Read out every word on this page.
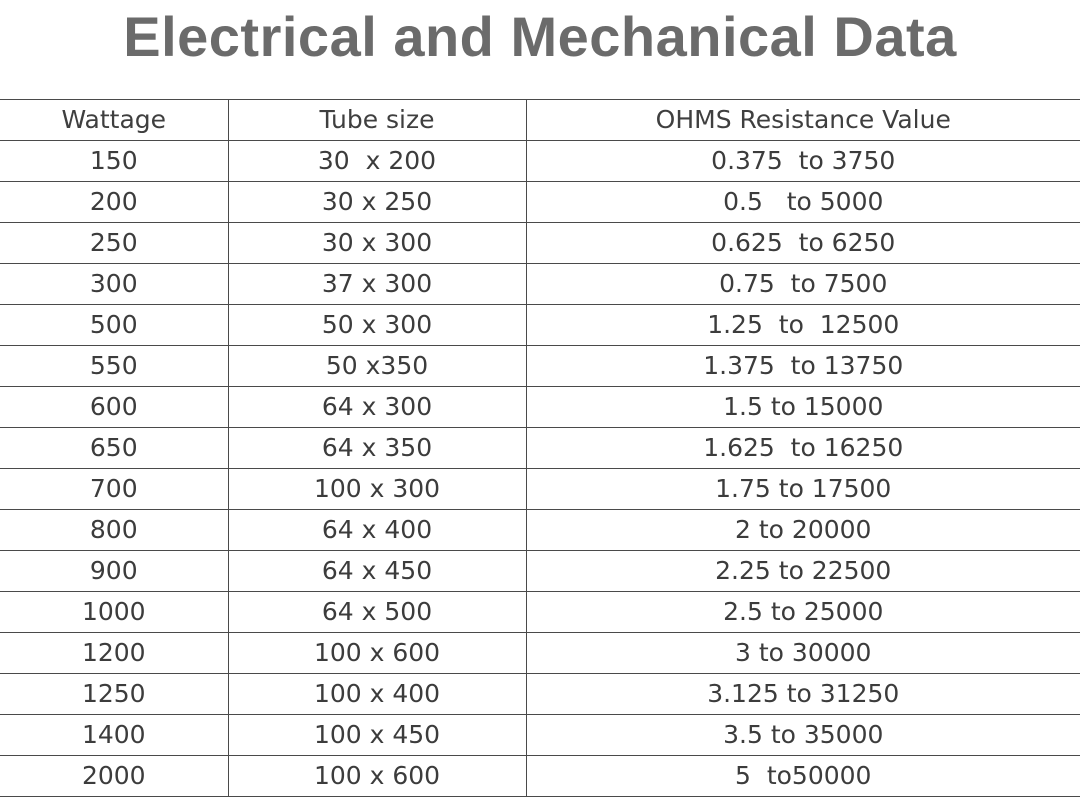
Electrical and Mechanical Data
Wattage	Tube size	OHMS Resistance Value
150	30  x 200	0.375  to 3750
200	30 x 250	0.5   to 5000
250	30 x 300	0.625  to 6250
300	37 x 300	0.75  to 7500
500	50 x 300	1.25  to  12500
550	50 x350	1.375  to 13750
600	64 x 300	1.5 to 15000
650	64 x 350	1.625  to 16250
700	100 x 300	1.75 to 17500
800	64 x 400	2 to 20000
900	64 x 450	2.25 to 22500
1000	64 x 500	2.5 to 25000
1200	100 x 600	3 to 30000
1250	100 x 400	3.125 to 31250
1400	100 x 450	3.5 to 35000
2000	100 x 600	5  to50000
